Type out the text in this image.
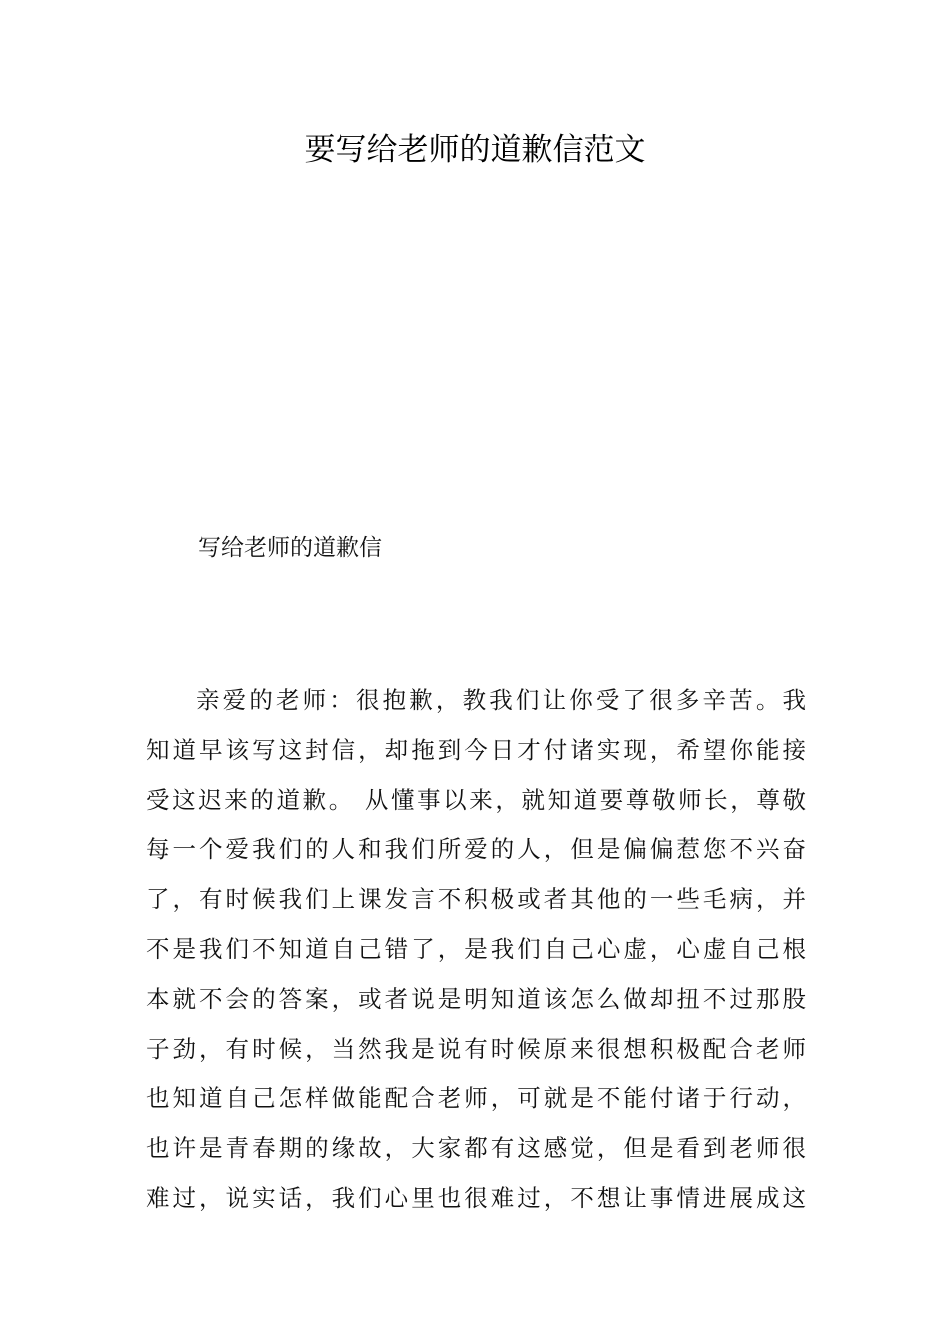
要写给老师的道歉信范文

写给老师的道歉信

亲爱的老师：很抱歉，教我们让你受了很多辛苦。我

知道早该写这封信，却拖到今日才付诸实现，希望你能接

受这迟来的道歉。 从懂事以来，就知道要尊敬师长，尊敬

每一个爱我们的人和我们所爱的人，但是偏偏惹您不兴奋

了，有时候我们上课发言不积极或者其他的一些毛病，并

不是我们不知道自己错了，是我们自己心虚，心虚自己根

本就不会的答案，或者说是明知道该怎么做却扭不过那股

子劲，有时候，当然我是说有时候原来很想积极配合老师

也知道自己怎样做能配合老师，可就是不能付诸于行动，

也许是青春期的缘故，大家都有这感觉，但是看到老师很

难过，说实话，我们心里也很难过，不想让事情进展成这
